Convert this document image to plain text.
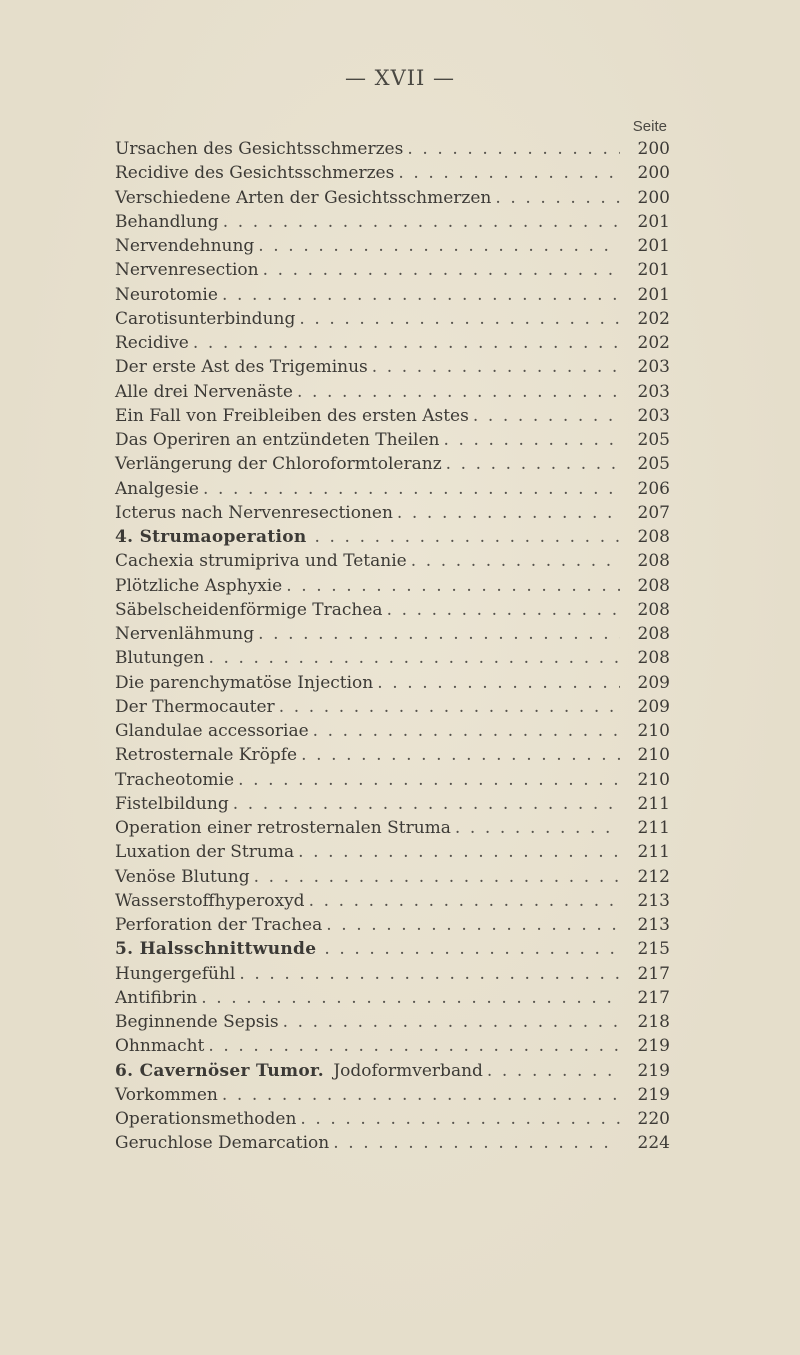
— XVII —
Seite
Ursachen des Gesichtsschmerzes . . .	200
Recidive des Gesichtsschmerzes . . .	200
Verschiedene Arten der Gesichtsschmerzen . . .	200
Behandlung . . .	201
Nervendehnung . . .	201
Nervenresection . . .	201
Neurotomie . . .	201
Carotisunterbindung . . .	202
Recidive . . .	202
Der erste Ast des Trigeminus . . .	203
Alle drei Nervenäste . . .	203
Ein Fall von Freibleiben des ersten Astes . . .	203
Das Operiren an entzündeten Theilen . . .	205
Verlängerung der Chloroformtoleranz . . .	205
Analgesie . . .	206
Icterus nach Nervenresectionen . . .	207
4. Strumaoperation . . .	208
Cachexia strumipriva und Tetanie . . .	208
Plötzliche Asphyxie . . .	208
Säbelscheidenförmige Trachea . . .	208
Nervenlähmung . . .	208
Blutungen . . .	208
Die parenchymatöse Injection . . .	209
Der Thermocauter . . .	209
Glandulae accessoriae . . .	210
Retrosternale Kröpfe . . .	210
Tracheotomie . . .	210
Fistelbildung . . .	211
Operation einer retrosternalen Struma . . .	211
Luxation der Struma . . .	211
Venöse Blutung . . .	212
Wasserstoffhyperoxyd . . .	213
Perforation der Trachea . . .	213
5. Halsschnittwunde . . .	215
Hungergefühl . . .	217
Antifibrin . . .	217
Beginnende Sepsis . . .	218
Ohnmacht . . .	219
6. Cavernöser Tumor. Jodoformverband . . .	219
Vorkommen . . .	219
Operationsmethoden . . .	220
Geruchlose Demarcation . . .	224
